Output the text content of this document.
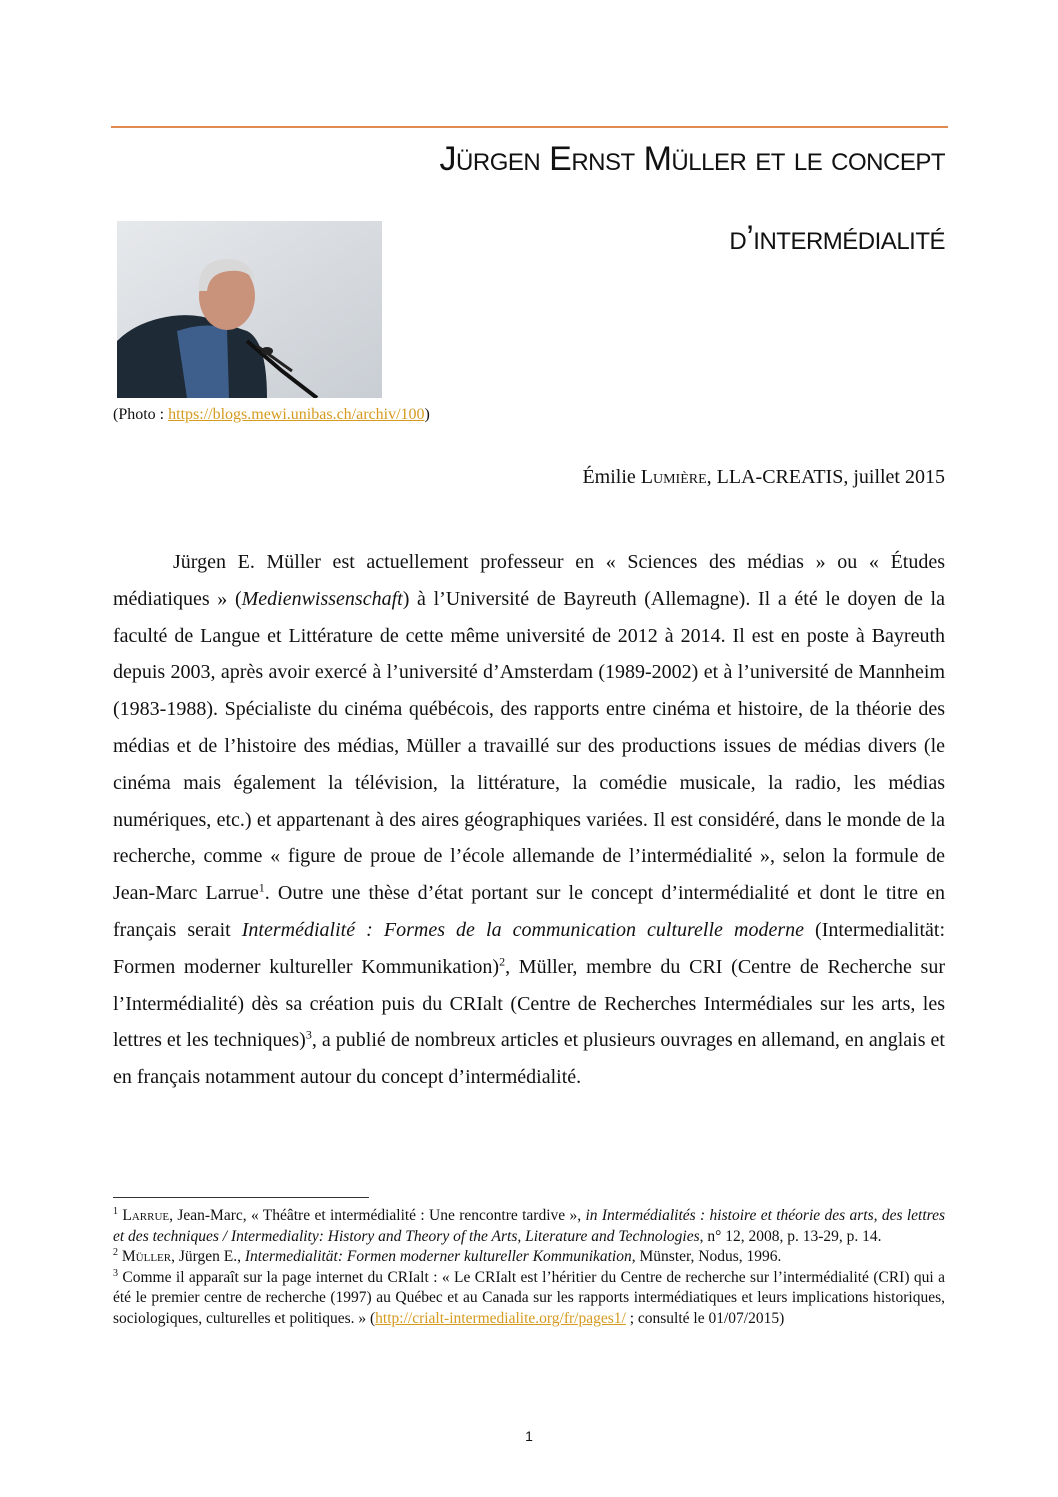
Jürgen Ernst Müller et le concept
d’intermédialité
(Photo : https://blogs.mewi.unibas.ch/archiv/100)
Émilie Lumière, LLA-CREATIS, juillet 2015

Jürgen E. Müller est actuellement professeur en « Sciences des médias » ou « Études médiatiques » (Medienwissenschaft) à l’Université de Bayreuth (Allemagne). Il a été le doyen de la faculté de Langue et Littérature de cette même université de 2012 à 2014. Il est en poste à Bayreuth depuis 2003, après avoir exercé à l’université d’Amsterdam (1989-2002) et à l’université de Mannheim (1983-1988). Spécialiste du cinéma québécois, des rapports entre cinéma et histoire, de la théorie des médias et de l’histoire des médias, Müller a travaillé sur des productions issues de médias divers (le cinéma mais également la télévision, la littérature, la comédie musicale, la radio, les médias numériques, etc.) et appartenant à des aires géographiques variées. Il est considéré, dans le monde de la recherche, comme « figure de proue de l’école allemande de l’intermédialité », selon la formule de Jean-Marc Larrue$^1$. Outre une thèse d’état portant sur le concept d’intermédialité et dont le titre en français serait Intermédialité : Formes de la communication culturelle moderne (Intermedialität: Formen moderner kultureller Kommunikation)$^2$, Müller, membre du CRI (Centre de Recherche sur l’Intermédialité) dès sa création puis du CRIalt (Centre de Recherches Intermédiales sur les arts, les lettres et les techniques)$^3$, a publié de nombreux articles et plusieurs ouvrages en allemand, en anglais et en français notamment autour du concept d’intermédialité.

$^1$ Larrue, Jean-Marc, « Théâtre et intermédialité : Une rencontre tardive », in Intermédialités : histoire et théorie des arts, des lettres et des techniques / Intermediality: History and Theory of the Arts, Literature and Technologies, n° 12, 2008, p. 13-29, p. 14.

$^2$ Müller, Jürgen E., Intermedialität: Formen moderner kultureller Kommunikation, Münster, Nodus, 1996.

$^3$ Comme il apparaît sur la page internet du CRIalt : « Le CRIalt est l’héritier du Centre de recherche sur l’intermédialité (CRI) qui a été le premier centre de recherche (1997) au Québec et au Canada sur les rapports intermédiatiques et leurs implications historiques, sociologiques, culturelles et politiques. » (http://crialt-intermedialite.org/fr/pages1/ ; consulté le 01/07/2015)

1
